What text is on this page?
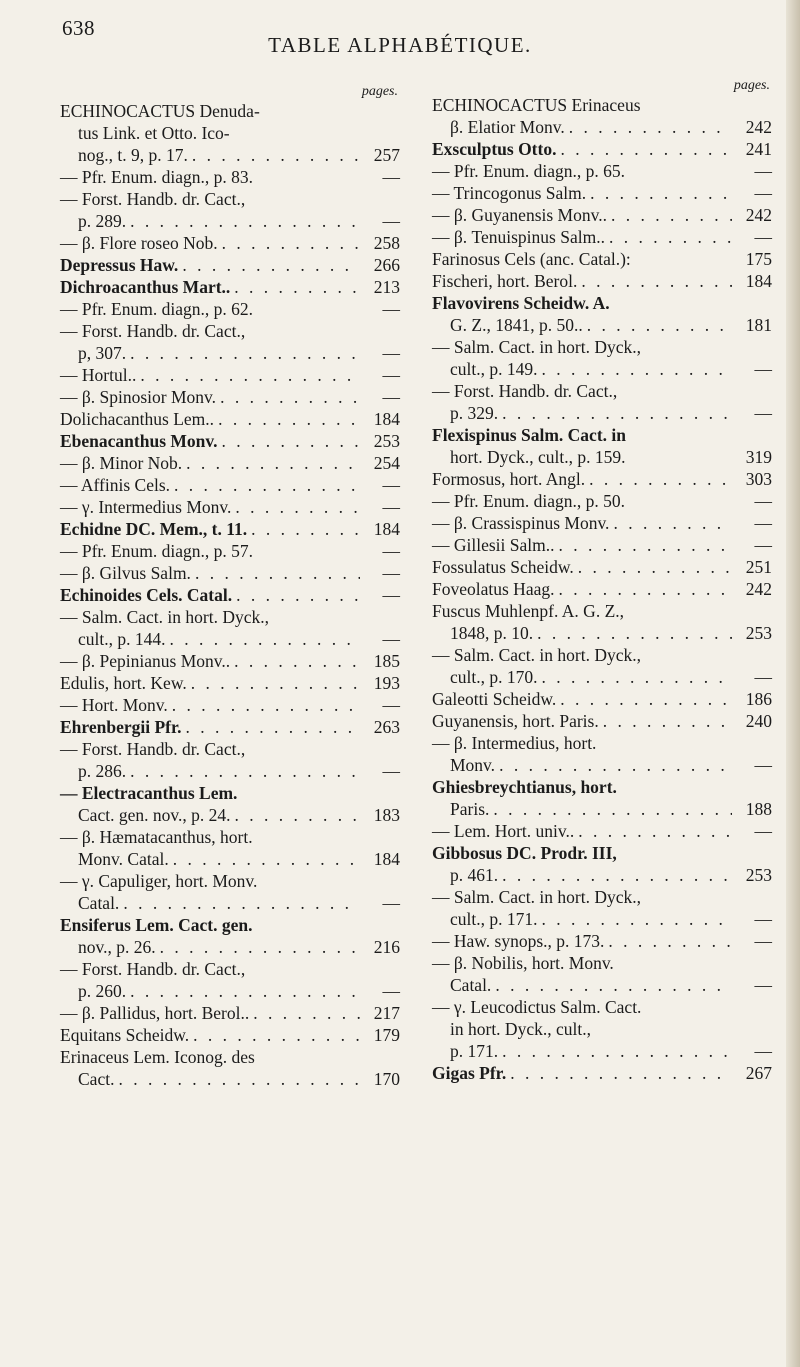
638
TABLE ALPHABÉTIQUE.
pages.
ECHINOCACTUS Denuda-
tus Link. et Otto. Ico-
nog., t. 9, p. 17. . . .	257
— Pfr. Enum. diagn., p. 83.	—
— Forst. Handb. dr. Cact.,
p. 289. . . .	—
— β. Flore roseo Nob. . . .	258
Depressus Haw. . . .	266
Dichroacanthus Mart.. . . .	213
— Pfr. Enum. diagn., p. 62.	—
— Forst. Handb. dr. Cact.,
p, 307. . . .	—
— Hortul.. . . .	—
— β. Spinosior Monv. . . .	—
Dolichacanthus Lem.. . . .	184
Ebenacanthus Monv. . . .	253
— β. Minor Nob. . . .	254
— Affinis Cels. . . .	—
— γ. Intermedius Monv. . . .	—
Echidne DC. Mem., t. 11. . . .	184
— Pfr. Enum. diagn., p. 57.	—
— β. Gilvus Salm. . . .	—
Echinoides Cels. Catal. . . .	—
— Salm. Cact. in hort. Dyck.,
cult., p. 144. . . .	—
— β. Pepinianus Monv.. . . .	185
Edulis, hort. Kew. . . .	193
— Hort. Monv. . . .	—
Ehrenbergii Pfr. . . .	263
— Forst. Handb. dr. Cact.,
p. 286. . . .	—
— Electracanthus Lem.
Cact. gen. nov., p. 24. . . .	183
— β. Hæmatacanthus, hort.
Monv. Catal. . . .	184
— γ. Capuliger, hort. Monv.
Catal. . . .	—
Ensiferus Lem. Cact. gen.
nov., p. 26. . . .	216
— Forst. Handb. dr. Cact.,
p. 260. . . .	—
— β. Pallidus, hort. Berol.. . . .	217
Equitans Scheidw. . . .	179
Erinaceus Lem. Iconog. des
Cact. . . .	170
pages.
ECHINOCACTUS Erinaceus
β. Elatior Monv. . . .	242
Exsculptus Otto. . . .	241
— Pfr. Enum. diagn., p. 65.	—
— Trincogonus Salm. . . .	—
— β. Guyanensis Monv.. . . .	242
— β. Tenuispinus Salm.. . . .	—
Farinosus Cels (anc. Catal.):	175
Fischeri, hort. Berol. . . .	184
Flavovirens Scheidw. A.
G. Z., 1841, p. 50.. . . .	181
— Salm. Cact. in hort. Dyck.,
cult., p. 149. . . .	—
— Forst. Handb. dr. Cact.,
p. 329. . . .	—
Flexispinus Salm. Cact. in
hort. Dyck., cult., p. 159.	319
Formosus, hort. Angl. . . .	303
— Pfr. Enum. diagn., p. 50.	—
— β. Crassispinus Monv. . . .	—
— Gillesii Salm.. . . .	—
Fossulatus Scheidw. . . .	251
Foveolatus Haag. . . .	242
Fuscus Muhlenpf. A. G. Z.,
1848, p. 10. . . .	253
— Salm. Cact. in hort. Dyck.,
cult., p. 170. . . .	—
Galeotti Scheidw. . . .	186
Guyanensis, hort. Paris. . . .	240
— β. Intermedius, hort.
Monv. . . .	—
Ghiesbreychtianus, hort.
Paris. . . .	188
— Lem. Hort. univ.. . . .	—
Gibbosus DC. Prodr. III,
p. 461. . . .	253
— Salm. Cact. in hort. Dyck.,
cult., p. 171. . . .	—
— Haw. synops., p. 173. . . .	—
— β. Nobilis, hort. Monv.
Catal. . . .	—
— γ. Leucodictus Salm. Cact.
in hort. Dyck., cult.,
p. 171. . . .	—
Gigas Pfr. . . .	267
